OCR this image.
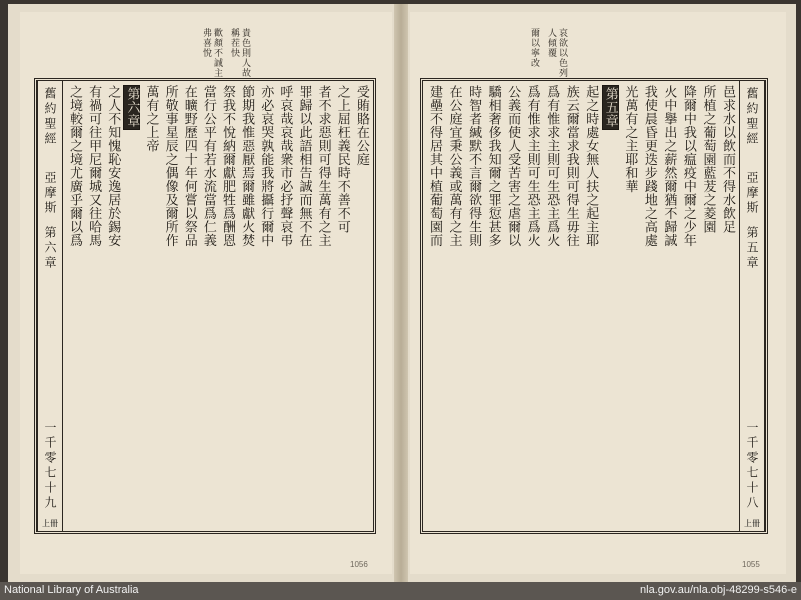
貴色則人故稱茬快
歡顏不誠主弗喜悅
受賄賂在公庭
之上屈枉義民時不善不可
者不求惡則可得生萬有之主
罪歸以此語相告誠而無不在
呼哀哉哀哉衆市必抒聲哀弔
亦必哀哭孰能我將攝行爾中
節期我惟惡厭焉爾雖獻火焚
祭我不悅納爾獻肥牲爲酬恩
當行公平有若水流當爲仁義
在曠野歷四十年何嘗以祭品
所敬事星辰之偶像及爾所作
萬有之上帝
第六章
之人不知愧恥安逸居於錫安
有禍可往甲尼爾城又往哈馬
之境較爾之境尤廣乎爾以爲
舊約聖經
亞摩斯
第六章
一千零七十九
上冊
1056
哀欲以色列人傾覆
爾以寧改
舊約聖經
亞摩斯
第五章
一千零七十八
上冊
邑求水以飲而不得水飲足
所植之葡萄園藍茇之菱園
降爾中我以瘟疫中爾之少年
火中擧出之薪然爾猶不歸誠
我使晨昏更迭步踐地之高處
光萬有之主耶和華
第五章
起之時處女無人扶之起主耶
族云爾當求我則可得生毋往
爲有惟求主則可生恐主爲火
爲有惟求主則可生恐主爲火
公義而使人受苦害之虐爾以
驕相奢侈我知爾之罪愆甚多
時智者緘默不言爾欲得生則
在公庭宜秉公義或萬有之主
建壘不得居其中植葡萄園而
1055
National Library of Australia	nla.gov.au/nla.obj-48299-s546-e
